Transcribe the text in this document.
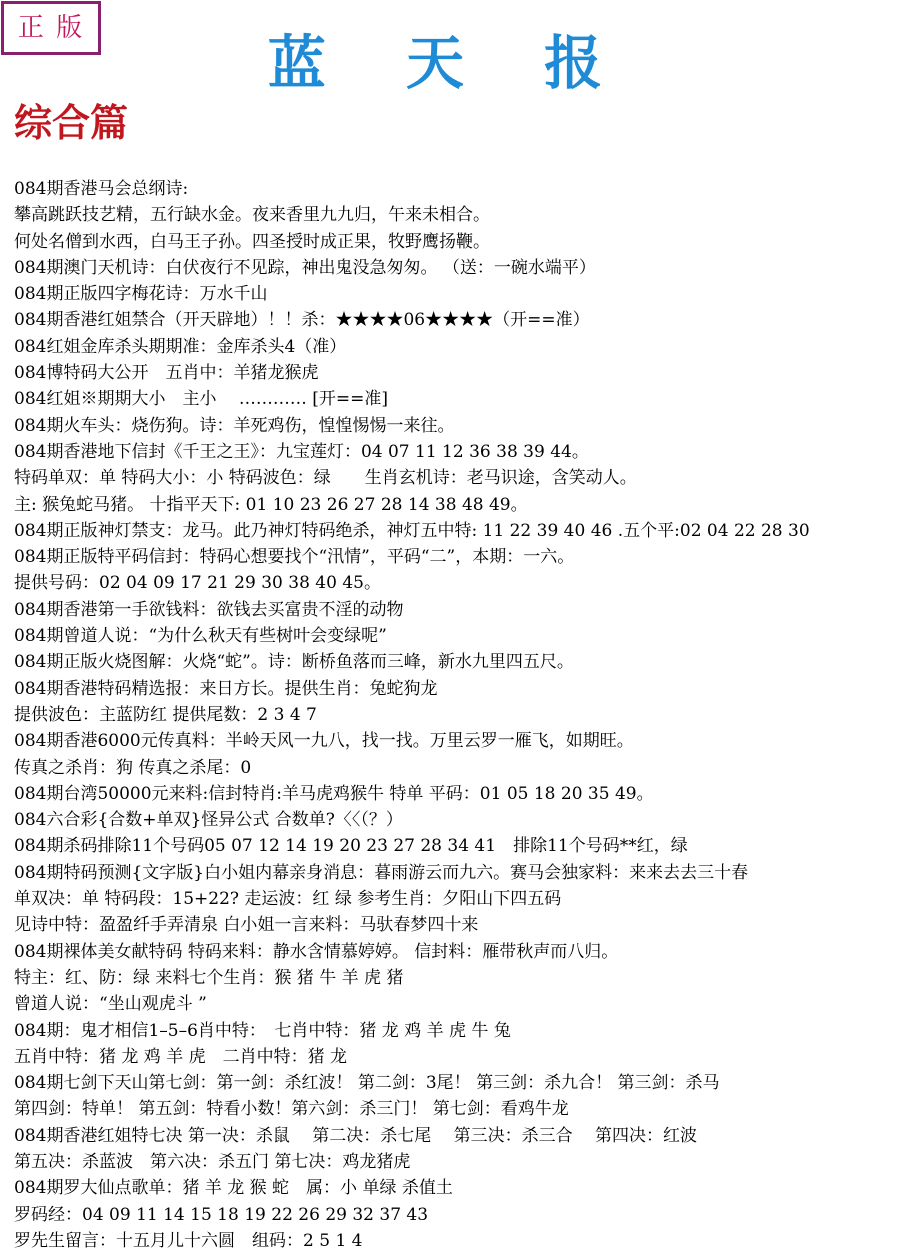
正 版
蓝 天 报
综合篇
084期香港马会总纲诗:
攀高跳跃技艺精，五行缺水金。夜来香里九九归，午来未相合。
何处名僧到水西，白马王子孙。四圣授时成正果，牧野鹰扬鞭。
084期澳门天机诗：白伏夜行不见踪，神出鬼没急匆匆。 （送：一碗水端平）
084期正版四字梅花诗：万水千山
084期香港红姐禁合（开天辟地）！！杀：★★★★06★★★★（开==准）
084红姐金库杀头期期准：金库杀头4（准）
084博特码大公开　五肖中：羊猪龙猴虎
084红姐※期期大小　主小　 ………… [开==准]
084期火车头：烧伤狗。诗：羊死鸡伤，惶惶惕惕一来往。
084期香港地下信封《千王之王》：九宝莲灯：04 07 11 12 36 38 39 44。
特码单双：单 特码大小：小 特码波色：绿　　生肖玄机诗：老马识途，含笑动人。
主: 猴兔蛇马猪。 十指平天下: 01 10 23 26 27 28 14 38 48 49。
084期正版神灯禁支：龙马。此乃神灯特码绝杀，神灯五中特: 11 22 39 40 46 .五个平:02 04 22 28 30
084期正版特平码信封：特码心想要找个“汛情”，平码“二”，本期：一六。
提供号码：02 04 09 17 21 29 30 38 40 45。
084期香港第一手欲钱料：欲钱去买富贵不淫的动物
084期曾道人说：“为什么秋天有些树叶会变绿呢”
084期正版火烧图解：火烧“蛇”。诗：断桥鱼落而三峰，新水九里四五尺。
084期香港特码精选报：来日方长。提供生肖：兔蛇狗龙
提供波色：主蓝防红 提供尾数：2 3 4 7
084期香港6000元传真料：半岭天风一九八，找一找。万里云罗一雁飞，如期旺。
传真之杀肖：狗 传真之杀尾：0
084期台湾50000元来料:信封特肖:羊马虎鸡猴牛 特单 平码：01 05 18 20 35 49。
084六合彩{合数+单双}怪异公式 合数单?〈〈（？）
084期杀码排除11个号码05 07 12 14 19 20 23 27 28 34 41　排除11个号码**红，绿
084期特码预测{文字版}白小姐内幕亲身消息：暮雨游云而九六。赛马会独家料：来来去去三十春
单双决：单 特码段：15+22? 走运波：红 绿 参考生肖：夕阳山下四五码
见诗中特：盈盈纤手弄清泉 白小姐一言来料：马驮春梦四十来
084期裸体美女献特码 特码来料：静水含情慕婷婷。 信封料：雁带秋声而八归。
特主：红、防：绿 来料七个生肖：猴 猪 牛 羊 虎 猪
曾道人说：“坐山观虎斗 ”
084期：鬼才相信1–5–6肖中特：　七肖中特：猪 龙 鸡 羊 虎 牛 兔
五肖中特：猪 龙 鸡 羊 虎　二肖中特：猪 龙
084期七剑下天山第七剑：第一剑：杀红波！ 第二剑：3尾！ 第三剑：杀九合！ 第三剑：杀马
第四剑：特单！ 第五剑：特看小数！第六剑：杀三门！ 第七剑：看鸡牛龙
084期香港红姐特七决 第一决：杀鼠　 第二决：杀七尾　 第三决：杀三合　 第四决：红波
第五决：杀蓝波　第六决：杀五门 第七决：鸡龙猪虎
084期罗大仙点歌单：猪 羊 龙 猴 蛇　属：小 单绿 杀值土
罗码经：04 09 11 14 15 18 19 22 26 29 32 37 43
罗先生留言：十五月儿十六圆　组码：2 5 1 4
